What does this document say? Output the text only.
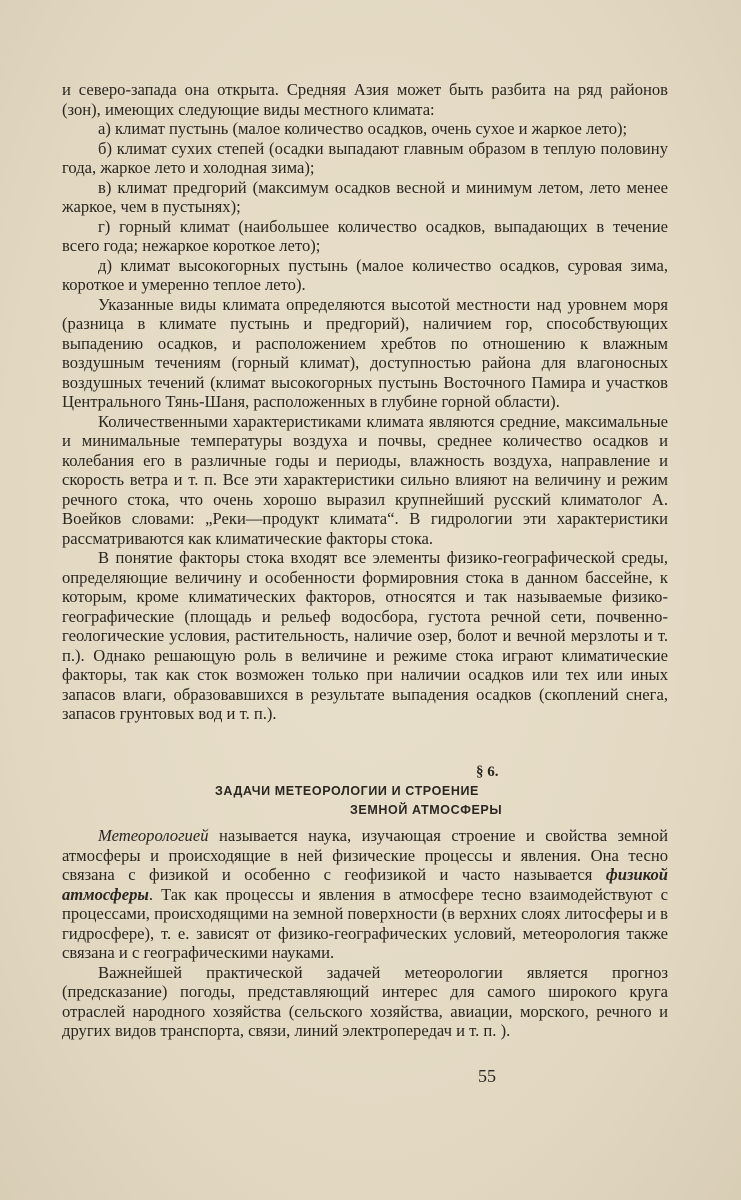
и северо-запада она открыта. Средняя Азия может быть разбита на ряд районов (зон), имеющих следующие виды местного климата:

а) климат пустынь (малое количество осадков, очень сухое и жаркое лето);

б) климат сухих степей (осадки выпадают главным образом в теплую половину года, жаркое лето и холодная зима);

в) климат предгорий (максимум осадков весной и минимум летом, лето менее жаркое, чем в пустынях);

г) горный климат (наибольшее количество осадков, выпадающих в течение всего года; нежаркое короткое лето);

д) климат высокогорных пустынь (малое количество осадков, суровая зима, короткое и умеренно теплое лето).

Указанные виды климата определяются высотой местности над уровнем моря (разница в климате пустынь и предгорий), наличием гор, способствующих выпадению осадков, и расположением хребтов по отношению к влажным воздушным течениям (горный климат), доступностью района для влагоносных воздушных течений (климат высокогорных пустынь Восточного Памира и участков Центрального Тянь-Шаня, расположенных в глубине горной области).

Количественными характеристиками климата являются средние, максимальные и минимальные температуры воздуха и почвы, среднее количество осадков и колебания его в различные годы и периоды, влажность воздуха, направление и скорость ветра и т. п. Все эти характеристики сильно влияют на величину и режим речного стока, что очень хорошо выразил крупнейший русский климатолог А. Воейков словами: „Реки—продукт климата“. В гидрологии эти характеристики рассматриваются как климатические факторы стока.

В понятие факторы стока входят все элементы физико-географической среды, определяющие величину и особенности формировния стока в данном бассейне, к которым, кроме климатических факторов, относятся и так называемые физико-географические (площадь и рельеф водосбора, густота речной сети, почвенно-геологические условия, растительность, наличие озер, болот и вечной мерзлоты и т. п.). Однако решающую роль в величине и режиме стока играют климатические факторы, так как сток возможен только при наличии осадков или тех или иных запасов влаги, образовавшихся в результате выпадения осадков (скоплений снега, запасов грунтовых вод и т. п.).

§ 6.
ЗАДАЧИ МЕТЕОРОЛОГИИ И СТРОЕНИЕ
ЗЕМНОЙ АТМОСФЕРЫ

Метеорологией называется наука, изучающая строение и свойства земной атмосферы и происходящие в ней физические процессы и явления. Она тесно связана с физикой и особенно с геофизикой и часто называется физикой атмосферы. Так как процессы и явления в атмосфере тесно взаимодействуют с процессами, происходящими на земной поверхности (в верхних слоях литосферы и в гидросфере), т. е. зависят от физико-географических условий, метеорология также связана и с географическими науками.

Важнейшей практической задачей метеорологии является прогноз (предсказание) погоды, представляющий интерес для самого широкого круга отраслей народного хозяйства (сельского хозяйства, авиации, морского, речного и других видов транспорта, связи, линий электропередач и т. п. ).

55
